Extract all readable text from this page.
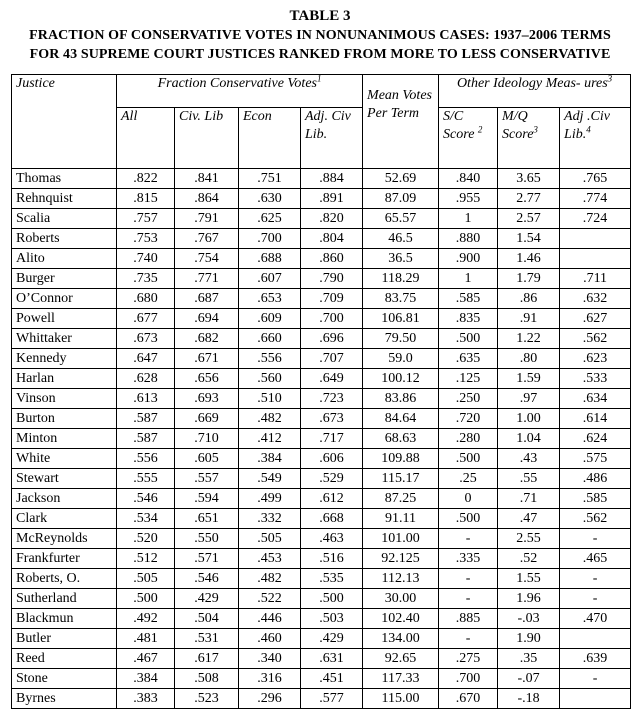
TABLE 3
FRACTION OF CONSERVATIVE VOTES IN NONUNANIMOUS CASES: 1937–2006 TERMS
FOR 43 SUPREME COURT JUSTICES RANKED FROM MORE TO LESS CONSERVATIVE
Justice	Fraction Conservative Votes$^1$				Mean Votes Per Term	Other Ideology Meas- ures$^3$
	All	Civ. Lib	Econ	Adj. Civ Lib.		S/C Score $^2$	M/Q Score$^3$	Adj .Civ Lib.$^4$
Thomas	.822	.841	.751	.884	52.69	.840	3.65	.765
Rehnquist	.815	.864	.630	.891	87.09	.955	2.77	.774
Scalia	.757	.791	.625	.820	65.57	1	2.57	.724
Roberts	.753	.767	.700	.804	46.5	.880	1.54	
Alito	.740	.754	.688	.860	36.5	.900	1.46	
Burger	.735	.771	.607	.790	118.29	1	1.79	.711
O’Connor	.680	.687	.653	.709	83.75	.585	.86	.632
Powell	.677	.694	.609	.700	106.81	.835	.91	.627
Whittaker	.673	.682	.660	.696	79.50	.500	1.22	.562
Kennedy	.647	.671	.556	.707	59.0	.635	.80	.623
Harlan	.628	.656	.560	.649	100.12	.125	1.59	.533
Vinson	.613	.693	.510	.723	83.86	.250	.97	.634
Burton	.587	.669	.482	.673	84.64	.720	1.00	.614
Minton	.587	.710	.412	.717	68.63	.280	1.04	.624
White	.556	.605	.384	.606	109.88	.500	.43	.575
Stewart	.555	.557	.549	.529	115.17	.25	.55	.486
Jackson	.546	.594	.499	.612	87.25	0	.71	.585
Clark	.534	.651	.332	.668	91.11	.500	.47	.562
McReynolds	.520	.550	.505	.463	101.00	-	2.55	-
Frankfurter	.512	.571	.453	.516	92.125	.335	.52	.465
Roberts, O.	.505	.546	.482	.535	112.13	-	1.55	-
Sutherland	.500	.429	.522	.500	30.00	-	1.96	-
Blackmun	.492	.504	.446	.503	102.40	.885	-.03	.470
Butler	.481	.531	.460	.429	134.00	-	1.90	
Reed	.467	.617	.340	.631	92.65	.275	.35	.639
Stone	.384	.508	.316	.451	117.33	.700	-.07	-
Byrnes	.383	.523	.296	.577	115.00	.670	-.18	
